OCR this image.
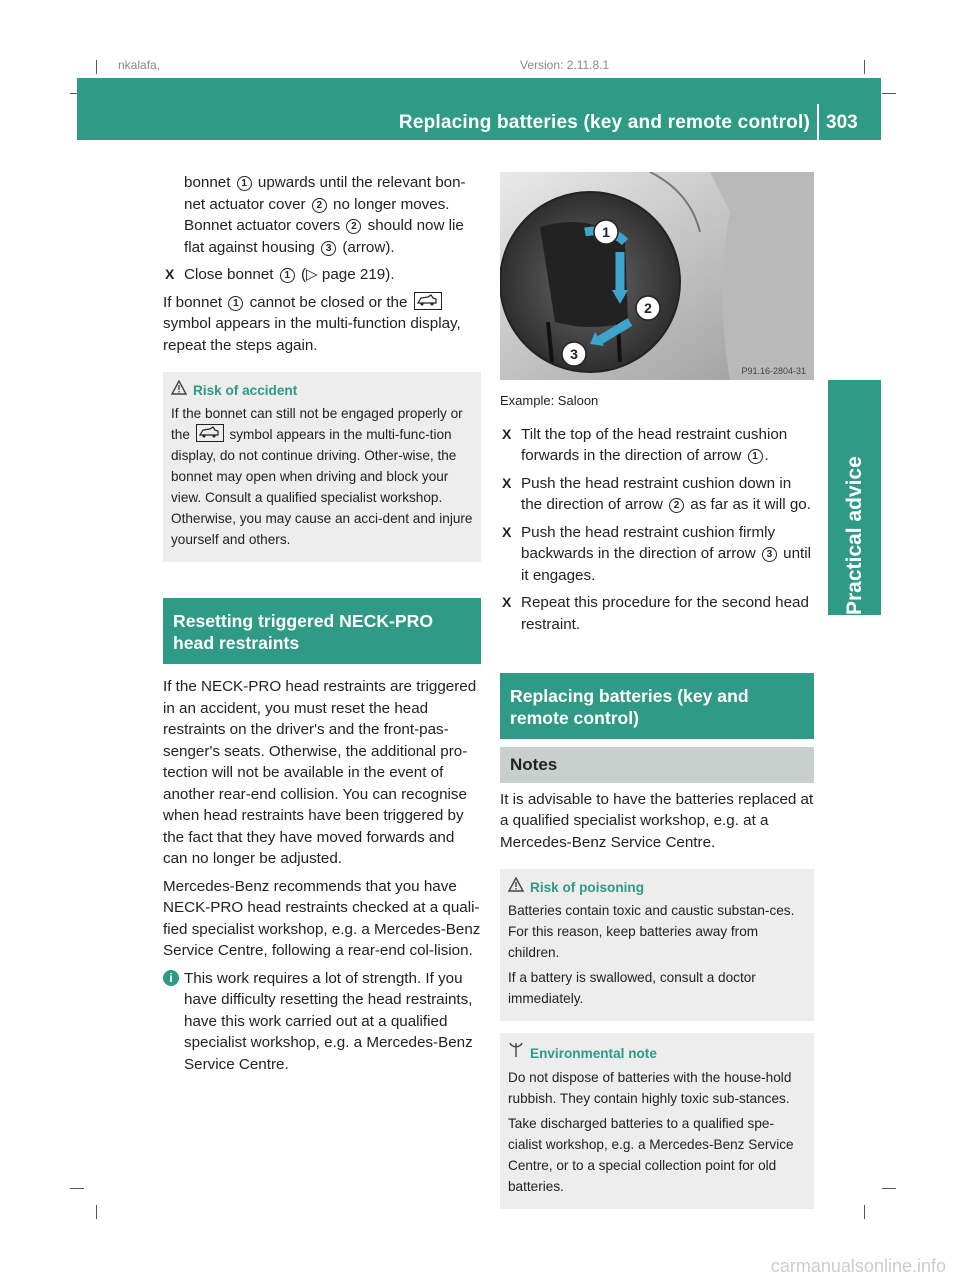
nkalafa,	Version: 2.11.8.1
Replacing batteries (key and remote control) 303
Practical advice

bonnet 1 upwards until the relevant bon-net actuator cover 2 no longer moves. Bonnet actuator covers 2 should now lie flat against housing 3 (arrow).

X Close bonnet 1 (▷ page 219).

If bonnet 1 cannot be closed or the
symbol appears in the multi-function display, repeat the steps again.

Risk of accident

If the bonnet can still not be engaged properly or the
symbol appears in the multi-func-tion display, do not continue driving. Other-wise, the bonnet may open when driving and block your view. Consult a qualified specialist workshop. Otherwise, you may cause an acci-dent and injure yourself and others.

Resetting triggered NECK-PRO head restraints

If the NECK-PRO head restraints are triggered in an accident, you must reset the head restraints on the driver's and the front-pas-senger's seats. Otherwise, the additional pro-tection will not be available in the event of another rear-end collision. You can recognise when head restraints have been triggered by the fact that they have moved forwards and can no longer be adjusted.

Mercedes-Benz recommends that you have NECK-PRO head restraints checked at a quali-fied specialist workshop, e.g. a Mercedes-Benz Service Centre, following a rear-end col-lision.

i This work requires a lot of strength. If you have difficulty resetting the head restraints, have this work carried out at a qualified specialist workshop, e.g. a Mercedes-Benz Service Centre.
1
2
3
P91.16-2804-31
Example: Saloon
X Tilt the top of the head restraint cushion forwards in the direction of arrow 1 .
X Push the head restraint cushion down in the direction of arrow 2 as far as it will go.
X Push the head restraint cushion firmly backwards in the direction of arrow 3 until it engages.
X Repeat this procedure for the second head restraint.
Replacing batteries (key and remote control)
Notes

It is advisable to have the batteries replaced at a qualified specialist workshop, e.g. at a Mercedes-Benz Service Centre.

Risk of poisoning

Batteries contain toxic and caustic substan-ces. For this reason, keep batteries away from children.

If a battery is swallowed, consult a doctor immediately.

Environmental note

Do not dispose of batteries with the house-hold rubbish. They contain highly toxic sub-stances.

Take discharged batteries to a qualified spe-cialist workshop, e.g. a Mercedes-Benz Service Centre, or to a special collection point for old batteries.

carmanualsonline.info
